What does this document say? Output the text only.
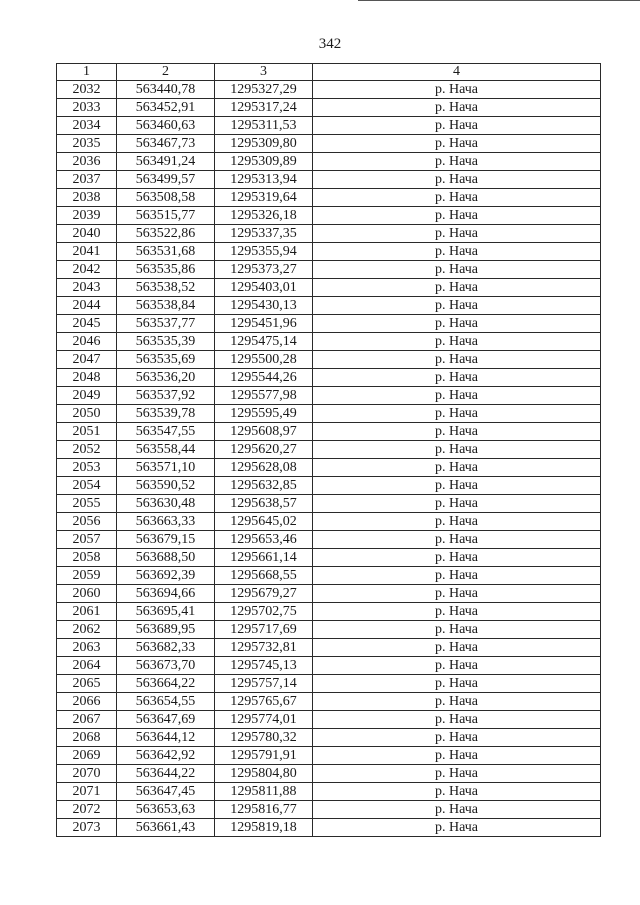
342
1	2	3	4
2032	563440,78	1295327,29	р. Нача
2033	563452,91	1295317,24	р. Нача
2034	563460,63	1295311,53	р. Нача
2035	563467,73	1295309,80	р. Нача
2036	563491,24	1295309,89	р. Нача
2037	563499,57	1295313,94	р. Нача
2038	563508,58	1295319,64	р. Нача
2039	563515,77	1295326,18	р. Нача
2040	563522,86	1295337,35	р. Нача
2041	563531,68	1295355,94	р. Нача
2042	563535,86	1295373,27	р. Нача
2043	563538,52	1295403,01	р. Нача
2044	563538,84	1295430,13	р. Нача
2045	563537,77	1295451,96	р. Нача
2046	563535,39	1295475,14	р. Нача
2047	563535,69	1295500,28	р. Нача
2048	563536,20	1295544,26	р. Нача
2049	563537,92	1295577,98	р. Нача
2050	563539,78	1295595,49	р. Нача
2051	563547,55	1295608,97	р. Нача
2052	563558,44	1295620,27	р. Нача
2053	563571,10	1295628,08	р. Нача
2054	563590,52	1295632,85	р. Нача
2055	563630,48	1295638,57	р. Нача
2056	563663,33	1295645,02	р. Нача
2057	563679,15	1295653,46	р. Нача
2058	563688,50	1295661,14	р. Нача
2059	563692,39	1295668,55	р. Нача
2060	563694,66	1295679,27	р. Нача
2061	563695,41	1295702,75	р. Нача
2062	563689,95	1295717,69	р. Нача
2063	563682,33	1295732,81	р. Нача
2064	563673,70	1295745,13	р. Нача
2065	563664,22	1295757,14	р. Нача
2066	563654,55	1295765,67	р. Нача
2067	563647,69	1295774,01	р. Нача
2068	563644,12	1295780,32	р. Нача
2069	563642,92	1295791,91	р. Нача
2070	563644,22	1295804,80	р. Нача
2071	563647,45	1295811,88	р. Нача
2072	563653,63	1295816,77	р. Нача
2073	563661,43	1295819,18	р. Нача
